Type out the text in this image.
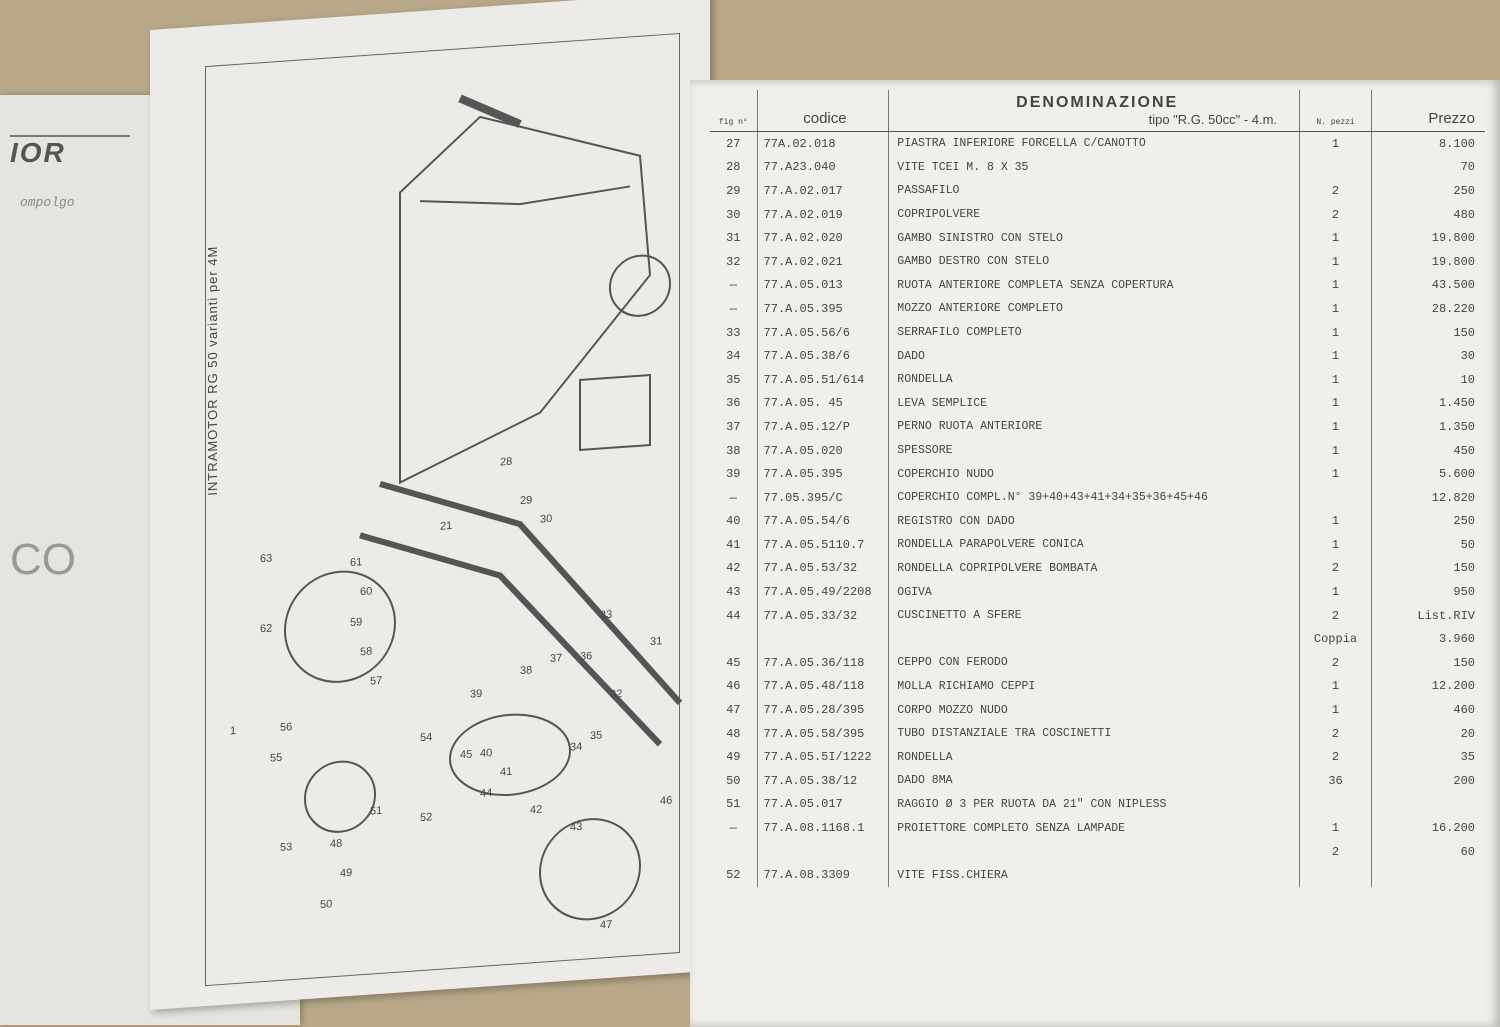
IOR
ompolgo
CO
50
49
48
47
46
45
51
52
53
54
55
56
57
58
59
60
61
62
63
28
29
30
31
32
33
34
35
36
37
38
39
40
41
42
43
44
21
1
INTRAMOTOR RG 50 varianti per 4M
fig n°	codice	DENOMINAZIONE
tipo "R.G. 50cc" - 4.m.	N. pezzi	Prezzo
27	77A.02.018	PIASTRA INFERIORE FORCELLA C/CANOTTO	1	8.100
28	77.A23.040	VITE TCEI M. 8 X 35		70
29	77.A.02.017	PASSAFILO	2	250
30	77.A.02.019	COPRIPOLVERE	2	480
31	77.A.02.020	GAMBO SINISTRO CON STELO	1	19.800
32	77.A.02.021	GAMBO DESTRO CON STELO	1	19.800
—	77.A.05.013	RUOTA ANTERIORE COMPLETA SENZA COPERTURA	1	43.500
—	77.A.05.395	MOZZO ANTERIORE COMPLETO	1	28.220
33	77.A.05.56/6	SERRAFILO COMPLETO	1	150
34	77.A.05.38/6	DADO	1	30
35	77.A.05.51/614	RONDELLA	1	10
36	77.A.05. 45	LEVA SEMPLICE	1	1.450
37	77.A.05.12/P	PERNO RUOTA ANTERIORE	1	1.350
38	77.A.05.020	SPESSORE	1	450
39	77.A.05.395	COPERCHIO NUDO	1	5.600
—	77.05.395/C	COPERCHIO COMPL.N° 39+40+43+41+34+35+36+45+46		12.820
40	77.A.05.54/6	REGISTRO CON DADO	1	250
41	77.A.05.5110.7	RONDELLA PARAPOLVERE CONICA	1	50
42	77.A.05.53/32	RONDELLA COPRIPOLVERE BOMBATA	2	150
43	77.A.05.49/2208	OGIVA	1	950
44	77.A.05.33/32	CUSCINETTO A SFERE	2	List.RIV
			Coppia	3.960
45	77.A.05.36/118	CEPPO CON FERODO	2	150
46	77.A.05.48/118	MOLLA RICHIAMO CEPPI	1	12.200
47	77.A.05.28/395	CORPO MOZZO NUDO	1	460
48	77.A.05.58/395	TUBO DISTANZIALE TRA COSCINETTI	2	20
49	77.A.05.5I/1222	RONDELLA	2	35
50	77.A.05.38/12	DADO 8MA	36	200
51	77.A.05.017	RAGGIO Ø 3 PER RUOTA DA 21" CON NIPLESS		
—	77.A.08.1168.1	PROIETTORE COMPLETO SENZA LAMPADE	1	16.200
			2	60
52	77.A.08.3309	VITE FISS.CHIERA		
